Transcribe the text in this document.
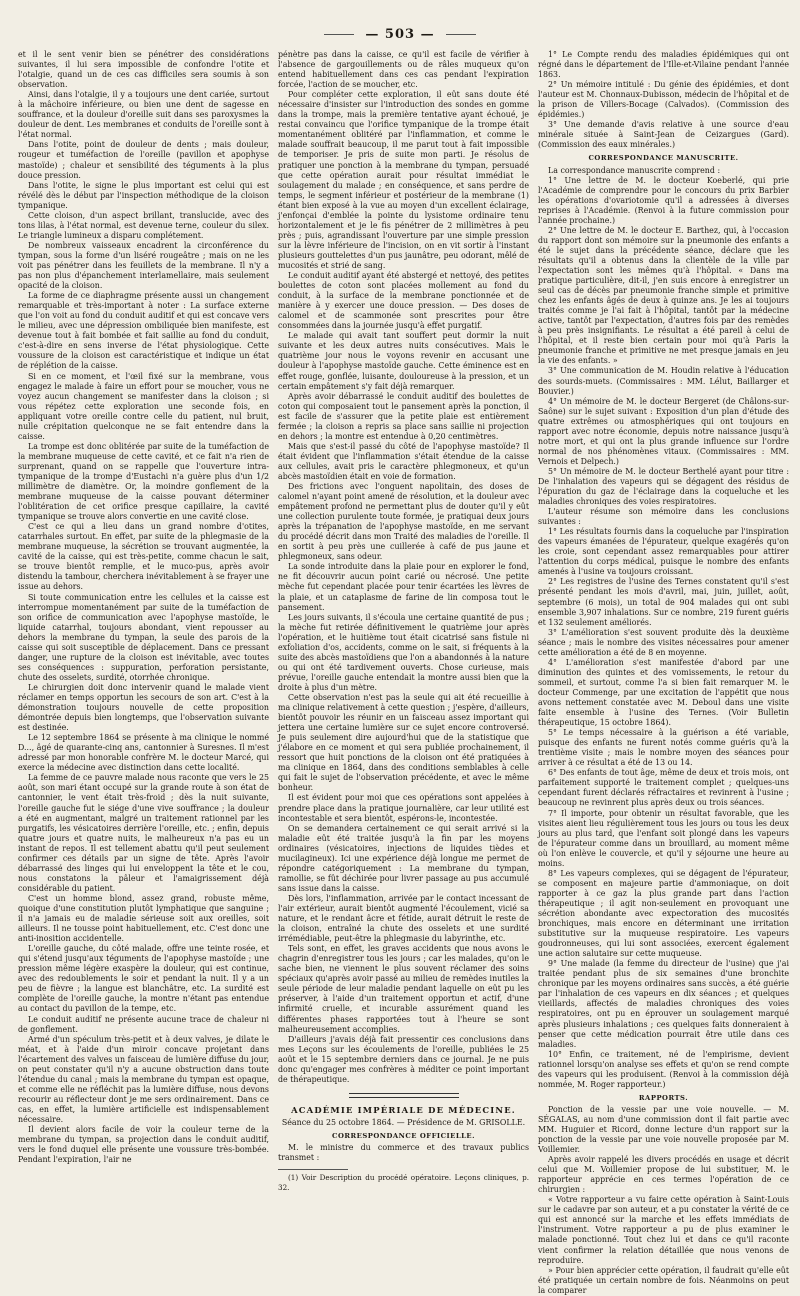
— 503 —

et il le sent venir bien se pénétrer des considérations suivantes, il lui sera impossible de confondre l'otite et l'otalgie, quand un de ces cas difficiles sera soumis à son observation.

Ainsi, dans l'otalgie, il y a toujours une dent cariée, surtout à la mâchoire inférieure, ou bien une dent de sagesse en souffrance, et la douleur d'oreille suit dans ses paroxysmes la douleur de dent. Les membranes et conduits de l'oreille sont à l'état normal.

Dans l'otite, point de douleur de dents ; mais douleur, rougeur et tuméfaction de l'oreille (pavillon et apophyse mastoïde) ; chaleur et sensibilité des téguments à la plus douce pression.

Dans l'otite, le signe le plus important est celui qui est révélé dès le début par l'inspection méthodique de la cloison tympanique.

Cette cloison, d'un aspect brillant, translucide, avec des tons lilas, à l'état normal, est devenue terne, couleur du silex. Le triangle lumineux a disparu complétement.

De nombreux vaisseaux encadrent la circonférence du tympan, sous la forme d'un liséré rougeâtre ; mais on ne les voit pas pénétrer dans les feuillets de la membrane. Il n'y a pas non plus d'épanchement interlamellaire, mais seulement opacité de la cloison.

La forme de ce diaphragme présente aussi un changement remarquable et très-important à noter : La surface externe que l'on voit au fond du conduit auditif et qui est concave vers le milieu, avec une dépression ombiliquée bien manifeste, est devenue tout à fait bombée et fait saillie au fond du conduit, c'est-à-dire en sens inverse de l'état physiologique. Cette voussure de la cloison est caractéristique et indique un état de réplétion de la caisse.

Si en ce moment, et l'œil fixé sur la membrane, vous engagez le malade à faire un effort pour se moucher, vous ne voyez aucun changement se manifester dans la cloison ; si vous répétez cette exploration une seconde fois, en appliquant votre oreille contre celle du patient, nul bruit, nulle crépitation quelconque ne se fait entendre dans la caisse.

La trompe est donc oblitérée par suite de la tuméfaction de la membrane muqueuse de cette cavité, et ce fait n'a rien de surprenant, quand on se rappelle que l'ouverture intra-tympanique de la trompe d'Eustachi n'a guère plus d'un 1/2 millimètre de diamètre. Or, la moindre gonflement de la membrane muqueuse de la caisse pouvant déterminer l'oblitération de cet orifice presque capillaire, la cavité tympanique se trouve alors convertie en une cavité close.

C'est ce qui a lieu dans un grand nombre d'otites, catarrhales surtout. En effet, par suite de la phlegmasie de la membrane muqueuse, la sécrétion se trouvant augmentée, la cavité de la caisse, qui est très-petite, comme chacun le sait, se trouve bientôt remplie, et le muco-pus, après avoir distendu la tambour, cherchera inévitablement à se frayer une issue au dehors.

Si toute communication entre les cellules et la caisse est interrompue momentanément par suite de la tuméfaction de son orifice de communication avec l'apophyse mastoïde, le liquide catarrhal, toujours abondant, vient repousser au dehors la membrane du tympan, la seule des parois de la caisse qui soit susceptible de déplacement. Dans ce pressant danger, une rupture de la cloison est inévitable, avec toutes ses conséquences : suppuration, perforation persistante, chute des osselets, surdité, otorrhée chronique.

Le chirurgien doit donc intervenir quand le malade vient réclamer en temps opportun les secours de son art. C'est à la démonstration toujours nouvelle de cette proposition démontrée depuis bien longtemps, que l'observation suivante est destinée.

Le 12 septembre 1864 se présente à ma clinique le nommé D..., âgé de quarante-cinq ans, cantonnier à Suresnes. Il m'est adressé par mon honorable confrère M. le docteur Marcé, qui exerce la médecine avec distinction dans cette localité.

La femme de ce pauvre malade nous raconte que vers le 25 août, son mari étant occupé sur la grande route à son état de cantonnier, le vent était très-froid ; dès la nuit suivante, l'oreille gauche fut le siége d'une vive souffrance ; la douleur a été en augmentant, malgré un traitement rationnel par les purgatifs, les vésicatoires derrière l'oreille, etc. ; enfin, depuis quatre jours et quatre nuits, le malheureux n'a pas eu un instant de repos. Il est tellement abattu qu'il peut seulement confirmer ces détails par un signe de tête. Après l'avoir débarrassé des linges qui lui enveloppent la tête et le cou, nous constatons la pâleur et l'amaigrissement déjà considérable du patient.

C'est un homme blond, assez grand, robuste même, quoique d'une constitution plutôt lymphatique que sanguine ; il n'a jamais eu de maladie sérieuse soit aux oreilles, soit ailleurs. Il ne tousse point habituellement, etc. C'est donc une anti-inosition accidentelle.

L'oreille gauche, du côté malade, offre une teinte rosée, et qui s'étend jusqu'aux téguments de l'apophyse mastoïde ; une pression même légère exaspère la douleur, qui est continue, avec des redoublements le soir et pendant la nuit. Il y a un peu de fièvre ; la langue est blanchâtre, etc. La surdité est complète de l'oreille gauche, la montre n'étant pas entendue au contact du pavillon de la tempe, etc.

Le conduit auditif ne présente aucune trace de chaleur ni de gonflement.

Armé d'un spéculum très-petit et à deux valves, je dilate le méat, et à l'aide d'un miroir concave projetant dans l'écartement des valves un faisceau de lumière diffuse du jour, on peut constater qu'il n'y a aucune obstruction dans toute l'étendue du canal ; mais la membrane du tympan est opaque, et comme elle ne réfléchit pas la lumière diffuse, nous devons recourir au réflecteur dont je me sers ordinairement. Dans ce cas, en effet, la lumière artificielle est indispensablement nécessaire.

Il devient alors facile de voir la couleur terne de la membrane du tympan, sa projection dans le conduit auditif, vers le fond duquel elle présente une voussure très-bombée. Pendant l'expiration, l'air ne

pénètre pas dans la caisse, ce qu'il est facile de vérifier à l'absence de gargouillements ou de râles muqueux qu'on entend habituellement dans ces cas pendant l'expiration forcée, l'action de se moucher, etc.

Pour compléter cette exploration, il eût sans doute été nécessaire d'insister sur l'introduction des sondes en gomme dans la trompe, mais la première tentative ayant échoué, je restai convaincu que l'orifice tympanique de la trompe était momentanément oblitéré par l'inflammation, et comme le malade souffrait beaucoup, il me parut tout à fait impossible de temporiser. Je pris de suite mon parti. Je résolus de pratiquer une ponction à la membrane du tympan, persuadé que cette opération aurait pour résultat immédiat le soulagement du malade ; en conséquence, et sans perdre de temps, le segment inférieur et postérieur de la membrane (1) étant bien exposé à la vue au moyen d'un excellent éclairage, j'enfonçai d'emblée la pointe du lysistome ordinaire tenu horizontalement et je le fis pénétrer de 2 millimètres à peu près ; puis, agrandissant l'ouverture par une simple pression sur la lèvre inférieure de l'incision, on en vit sortir à l'instant plusieurs gouttelettes d'un pus jaunâtre, peu odorant, mêlé de mucosités et strié de sang.

Le conduit auditif ayant été abstergé et nettoyé, des petites boulettes de coton sont placées mollement au fond du conduit, à la surface de la membrane ponctionnée et de manière à y exercer une douce pression. — Des doses de calomel et de scammonée sont prescrites pour être consommées dans la journée jusqu'à effet purgatif.

Le malade qui avait tant souffert peut dormir la nuit suivante et les deux autres nuits consécutives. Mais le quatrième jour nous le voyons revenir en accusant une douleur à l'apophyse mastoïde gauche. Cette éminence est en effet rouge, gonflée, luisante, douloureuse à la pression, et un certain empâtement s'y fait déjà remarquer.

Après avoir débarrassé le conduit auditif des boulettes de coton qui composaient tout le pansement après la ponction, il est facile de s'assurer que la petite plaie est entièrement fermée ; la cloison a repris sa place sans saillie ni projection en dehors ; la montre est entendue à 0,20 centimètres.

Mais que s'est-il passé du côté de l'apophyse mastoïde? Il était évident que l'inflammation s'était étendue de la caisse aux cellules, avait pris le caractère phlegmoneux, et qu'un abcès mastoïdien était en voie de formation.

Des frictions avec l'onguent napolitain, des doses de calomel n'ayant point amené de résolution, et la douleur avec empâtement profond ne permettant plus de douter qu'il y eût une collection purulente toute formée, je pratiquai deux jours après la trépanation de l'apophyse mastoïde, en me servant du procédé décrit dans mon Traité des maladies de l'oreille. Il en sortit à peu près une cuillerée à café de pus jaune et phlegmoneux, sans odeur.

La sonde introduite dans la plaie pour en explorer le fond, ne fit découvrir aucun point carié ou nécrosé. Une petite mèche fut cependant placée pour tenir écartées les lèvres de la plaie, et un cataplasme de farine de lin composa tout le pansement.

Les jours suivants, il s'écoula une certaine quantité de pus ; la mèche fut retirée définitivement le quatrième jour après l'opération, et le huitième tout était cicatrisé sans fistule ni exfoliation d'os, accidents, comme on le sait, si fréquents à la suite des abcès mastoïdiens que l'on a abandonnés à la nature ou qui ont été tardivement ouverts. Chose curieuse, mais prévue, l'oreille gauche entendait la montre aussi bien que la droite à plus d'un mètre.

Cette observation n'est pas la seule qui ait été recueillie à ma clinique relativement à cette question ; j'espère, d'ailleurs, bientôt pouvoir les réunir en un faisceau assez important qui jettera une certaine lumière sur ce sujet encore controversé. Je puis seulement dire aujourd'hui que de la statistique que j'élabore en ce moment et qui sera publiée prochainement, il ressort que huit ponctions de la cloison ont été pratiquées à ma clinique en 1864, dans des conditions semblables à celle qui fait le sujet de l'observation précédente, et avec le même bonheur.

Il est évident pour moi que ces opérations sont appelées à prendre place dans la pratique journalière, car leur utilité est incontestable et sera bientôt, espérons-le, incontestée.

On se demandera certainement ce qui serait arrivé si la maladie eût été traitée jusqu'à la fin par les moyens ordinaires (vésicatoires, injections de liquides tièdes et mucilagineux). Ici une expérience déjà longue me permet de répondre catégoriquement : La membrane du tympan, ramollie, se fût déchirée pour livrer passage au pus accumulé sans issue dans la caisse.

Dès lors, l'inflammation, arrivée par le contact incessant de l'air extérieur, aurait bientôt augmenté l'écoulement, vicié sa nature, et le rendant âcre et fétide, aurait détruit le reste de la cloison, entraîné la chute des osselets et une surdité irrémédiable, peut-être la phlegmasie du labyrinthe, etc.

Tels sont, en effet, les graves accidents que nous avons le chagrin d'enregistrer tous les jours ; car les malades, qu'on le sache bien, ne viennent le plus souvent réclamer des soins spéciaux qu'après avoir passé au milieu de remèdes inutiles la seule période de leur maladie pendant laquelle on eût pu les préserver, à l'aide d'un traitement opportun et actif, d'une infirmité cruelle, et incurable assurément quand les différentes phases rapportées tout à l'heure se sont malheureusement accomplies.

D'ailleurs j'avais déjà fait pressentir ces conclusions dans mes Leçons sur les écoulements de l'oreille, publiées le 25 août et le 15 septembre derniers dans ce journal. Je ne puis donc qu'engager mes confrères à méditer ce point important de thérapeutique.

ACADÉMIE IMPÉRIALE DE MÉDECINE.

Séance du 25 octobre 1864. — Présidence de M. GRISOLLE.

CORRESPONDANCE OFFICIELLE.

M. le ministre du commerce et des travaux publics transmet :

(1) Voir Description du procédé opératoire. Leçons cliniques, p. 32.

1° Le Compte rendu des maladies épidémiques qui ont régné dans le département de l'Ille-et-Vilaine pendant l'année 1863.

2° Un mémoire intitulé : Du génie des épidémies, et dont l'auteur est M. Chonnaux-Dubisson, médecin de l'hôpital et de la prison de Villers-Bocage (Calvados). (Commission des épidémies.)

3° Une demande d'avis relative à une source d'eau minérale située à Saint-Jean de Ceizargues (Gard). (Commission des eaux minérales.)

CORRESPONDANCE MANUSCRITE.

La correspondance manuscrite comprend :

1° Une lettre de M. le docteur Koeberlé, qui prie l'Académie de comprendre pour le concours du prix Barbier les opérations d'ovariotomie qu'il a adressées à diverses reprises à l'Académie. (Renvoi à la future commission pour l'année prochaine.)

2° Une lettre de M. le docteur E. Barthez, qui, à l'occasion du rapport dont son mémoire sur la pneumonie des enfants a été le sujet dans la précédente séance, déclare que les résultats qu'il a obtenus dans la clientèle de la ville par l'expectation sont les mêmes qu'à l'hôpital. « Dans ma pratique particulière, dit-il, j'en suis encore à enregistrer un seul cas de décès par pneumonie franche simple et primitive chez les enfants âgés de deux à quinze ans. Je les ai toujours traités comme je l'ai fait à l'hôpital, tantôt par la médecine active, tantôt par l'expectation, d'autres fois par des remèdes à peu près insignifiants. Le résultat a été pareil à celui de l'hôpital, et il reste bien certain pour moi qu'à Paris la pneumonie franche et primitive ne met presque jamais en jeu la vie des enfants. »

3° Une communication de M. Houdin relative à l'éducation des sourds-muets. (Commissaires : MM. Lélut, Baillarger et Bouvier.)

4° Un mémoire de M. le docteur Bergeret (de Châlons-sur-Saône) sur le sujet suivant : Exposition d'un plan d'étude des quatre extrêmes ou atmosphériques qui ont toujours en rapport avec notre économie, depuis notre naissance jusqu'à notre mort, et qui ont la plus grande influence sur l'ordre normal de nos phénomènes vitaux. (Commissaires : MM. Vernois et Delpech.)

5° Un mémoire de M. le docteur Berthelé ayant pour titre : De l'inhalation des vapeurs qui se dégagent des résidus de l'épuration du gaz de l'éclairage dans la coqueluche et les maladies chroniques des voies respiratoires.

L'auteur résume son mémoire dans les conclusions suivantes :

1° Les résultats fournis dans la coqueluche par l'inspiration des vapeurs émanées de l'épurateur, quelque exagérés qu'on les croie, sont cependant assez remarquables pour attirer l'attention du corps médical, puisque le nombre des enfants amenés à l'usine va toujours croissant.

2° Les registres de l'usine des Ternes constatent qu'il s'est présenté pendant les mois d'avril, mai, juin, juillet, août, septembre (6 mois), un total de 904 malades qui ont subi ensemble 3,907 inhalations. Sur ce nombre, 219 furent guéris et 132 seulement améliorés.

3° L'amélioration s'est souvent produite dès la deuxième séance ; mais le nombre des visites nécessaires pour amener cette amélioration a été de 8 en moyenne.

4° L'amélioration s'est manifestée d'abord par une diminution des quintes et des vomissements, le retour du sommeil, et surtout, comme l'a si bien fait remarquer M. le docteur Commenge, par une excitation de l'appétit que nous avons nettement constatée avec M. Deboul dans une visite faite ensemble à l'usine des Ternes. (Voir Bulletin thérapeutique, 15 octobre 1864).

5° Le temps nécessaire à la guérison a été variable, puisque des enfants ne furent notés comme guéris qu'à la trentième visite ; mais le nombre moyen des séances pour arriver à ce résultat a été de 13 ou 14.

6° Des enfants de tout âge, même de deux et trois mois, ont parfaitement supporté le traitement complet ; quelques-uns cependant furent déclarés réfractaires et revinrent à l'usine ; beaucoup ne revinrent plus après deux ou trois séances.

7° Il importe, pour obtenir un résultat favorable, que les visites aient lieu régulièrement tous les jours ou tous les deux jours au plus tard, que l'enfant soit plongé dans les vapeurs de l'épurateur comme dans un brouillard, au moment même où l'on enlève le couvercle, et qu'il y séjourne une heure au moins.

8° Les vapeurs complexes, qui se dégagent de l'épurateur, se composent en majeure partie d'ammoniaque, on doit rapporter à ce gaz la plus grande part dans l'action thérapeutique ; il agit non-seulement en provoquant une sécrétion abondante avec expectoration des mucosités bronchiques, mais encore en déterminant une irritation substitutive sur la muqueuse respiratoire. Les vapeurs goudronneuses, qui lui sont associées, exercent également une action salutaire sur cette muqueuse.

9° Une malade (la femme du directeur de l'usine) que j'ai traitée pendant plus de six semaines d'une bronchite chronique par les moyens ordinaires sans succès, a été guérie par l'inhalation de ces vapeurs en dix séances ; et quelques vieillards, affectés de maladies chroniques des voies respiratoires, ont pu en éprouver un soulagement marqué après plusieurs inhalations ; ces quelques faits donneraient à penser que cette médication pourrait être utile dans ces maladies.

10° Enfin, ce traitement, né de l'empirisme, devient rationnel lorsqu'on analyse ses effets et qu'on se rend compte des vapeurs qui les produisent. (Renvoi à la commission déjà nommée, M. Roger rapporteur.)

RAPPORTS.

Ponction de la vessie par une voie nouvelle. — M. SÉGALAS, au nom d'une commission dont il fait partie avec MM. Huguier et Ricord, donne lecture d'un rapport sur la ponction de la vessie par une voie nouvelle proposée par M. Voillemier.

Après avoir rappelé les divers procédés en usage et décrit celui que M. Voillemier propose de lui substituer, M. le rapporteur apprécie en ces termes l'opération de ce chirurgien :

« Votre rapporteur a vu faire cette opération à Saint-Louis sur le cadavre par son auteur, et a pu constater la vérité de ce qui est annoncé sur la marche et les effets immédiats de l'instrument. Votre rapporteur a pu de plus examiner le malade ponctionné. Tout chez lui et dans ce qu'il raconte vient confirmer la relation détaillée que nous venons de reproduire.

» Pour bien apprécier cette opération, il faudrait qu'elle eût été pratiquée un certain nombre de fois. Néanmoins on peut la comparer
